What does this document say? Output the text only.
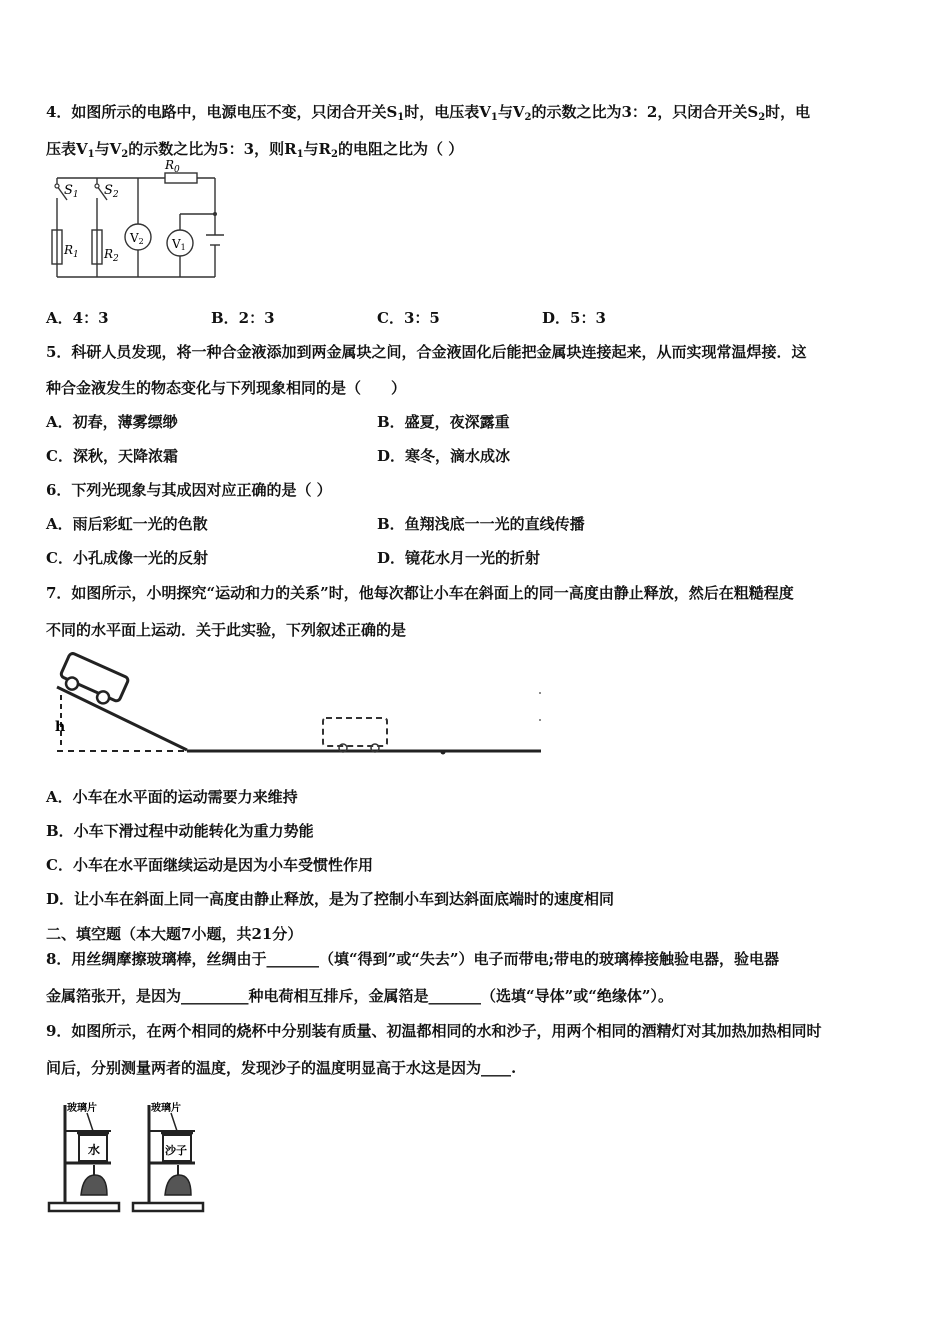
4．如图所示的电路中，电源电压不变，只闭合开关$S_1$时，电压表$V_1$与$V_2$的示数之比为3：2，只闭合开关$S_2$时，电
压表$V_1$与$V_2$的示数之比为5：3，则$R_1$与$R_2$的电阻之比为（ ）
$S_1$ $S_2$
$R_0$
$R_1$ $R_2$
V2 V1
A．4：3	B．2：3	C．3：5	D．5：3
5．科研人员发现，将一种合金液添加到两金属块之间，合金液固化后能把金属块连接起来，从而实现常温焊接．这
种合金液发生的物态变化与下列现象相同的是（　　）
A．初春，薄雾缥缈	B．盛夏，夜深露重
C．深秋，天降浓霜	D．寒冬，滴水成冰
6．下列光现象与其成因对应正确的是（ ）
A．雨后彩虹一光的色散	B．鱼翔浅底一一光的直线传播
C．小孔成像一光的反射	D．镜花水月一光的折射
7．如图所示，小明探究“运动和力的关系”时，他每次都让小车在斜面上的同一高度由静止释放，然后在粗糙程度
不同的水平面上运动．关于此实验，下列叙述正确的是
h
A．小车在水平面的运动需要力来维持
B．小车下滑过程中动能转化为重力势能
C．小车在水平面继续运动是因为小车受惯性作用
D．让小车在斜面上同一高度由静止释放，是为了控制小车到达斜面底端时的速度相同
二、填空题（本大题7小题，共21分）
8．用丝绸摩擦玻璃棒，丝绸由于_______（填“得到”或“失去”）电子而带电;带电的玻璃棒接触验电器，验电器
金属箔张开，是因为_________种电荷相互排斥，金属箔是_______（选填“导体”或“绝缘体”）。
9．如图所示，在两个相同的烧杯中分别装有质量、初温都相同的水和沙子，用两个相同的酒精灯对其加热加热相同时
间后，分别测量两者的温度，发现沙子的温度明显高于水这是因为____.
玻璃片
水
玻璃片
沙子
